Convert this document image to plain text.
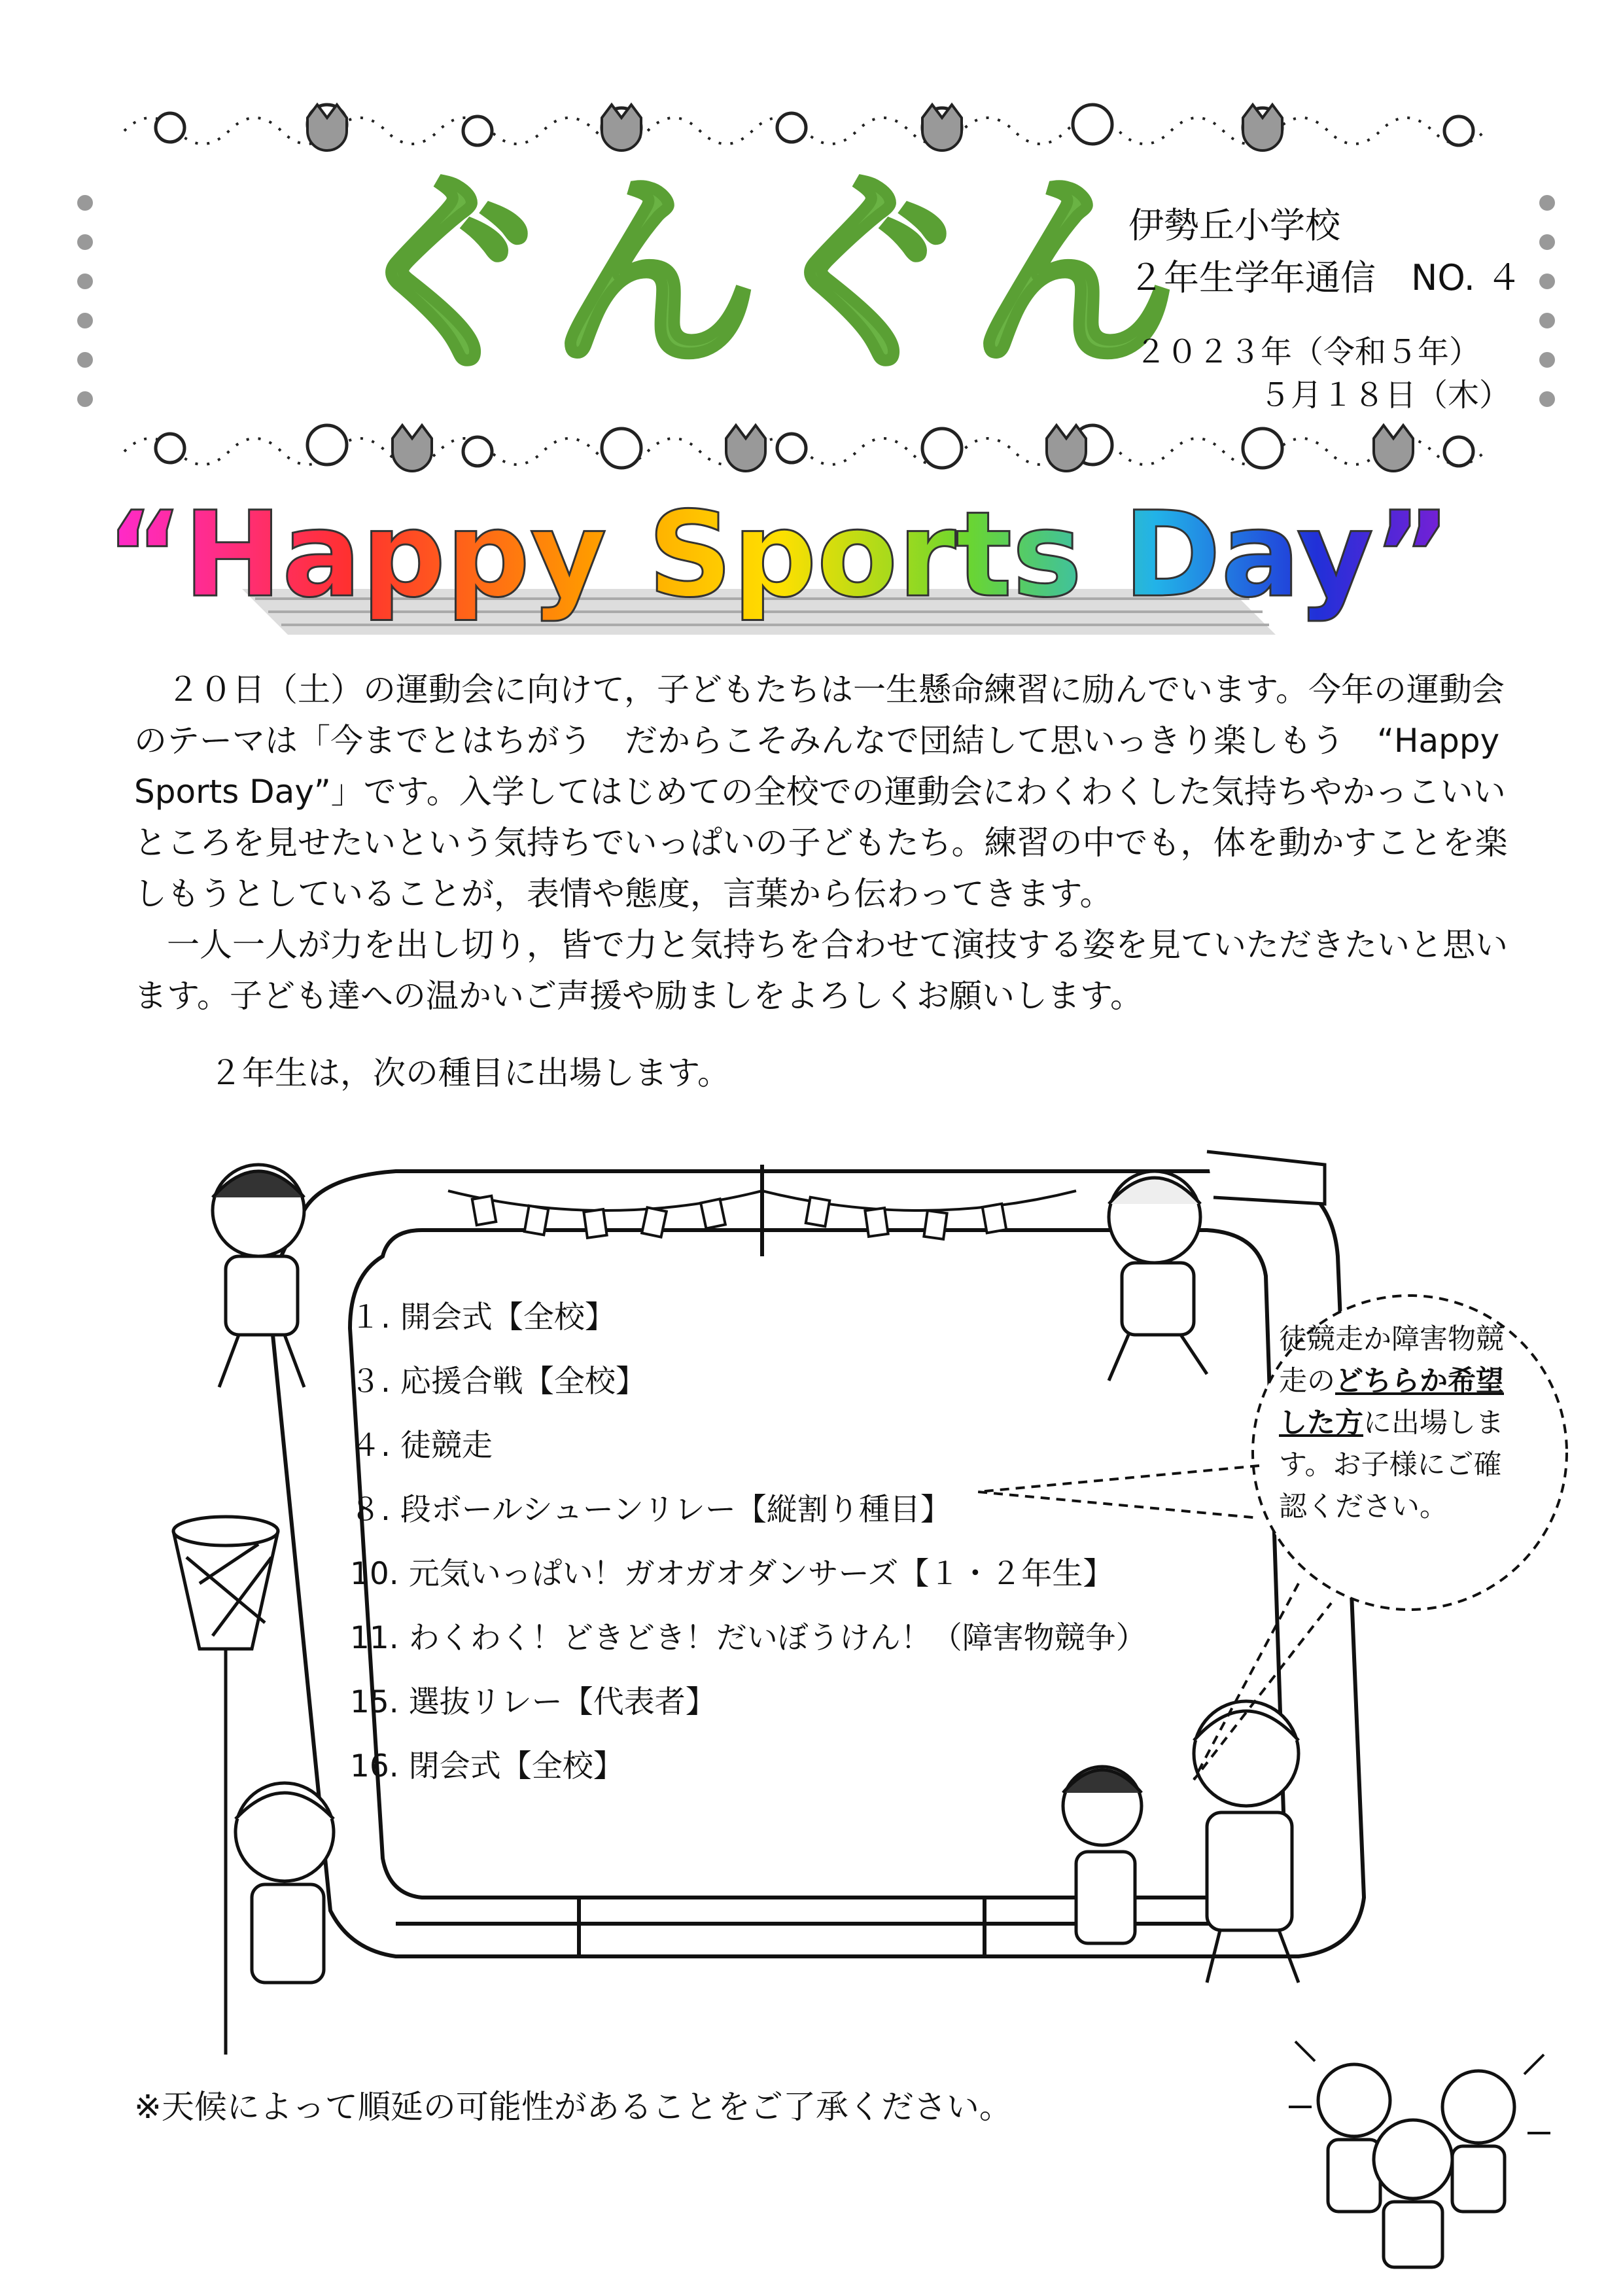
ぐんぐん
伊勢丘小学校
２年生学年通信　NO. ４
２０２３年（令和５年）
５月１８日（木）
“Happy Sports Day”

２０日（土）の運動会に向けて，子どもたちは一生懸命練習に励んでいます。今年の運動会のテーマは「今までとはちがう　だからこそみんなで団結して思いっきり楽しもう　“Happy Sports Day”」です。入学してはじめての全校での運動会にわくわくした気持ちやかっこいいところを見せたいという気持ちでいっぱいの子どもたち。練習の中でも，体を動かすことを楽しもうとしていることが，表情や態度，言葉から伝わってきます。

一人一人が力を出し切り，皆で力と気持ちを合わせて演技する姿を見ていただきたいと思います。子ども達への温かいご声援や励ましをよろしくお願いします。

２年生は，次の種目に出場します。
１. 開会式【全校】
３. 応援合戦【全校】
４. 徒競走
８. 段ボールシューンリレー【縦割り種目】
10. 元気いっぱい！ガオガオダンサーズ【１・２年生】
11. わくわく！どきどき！だいぼうけん！（障害物競争）
15. 選抜リレー【代表者】
16. 閉会式【全校】
徒競走か障害物競
走のどちらか希望
した方に出場しま
す。お子様にご確
認ください。
※天候によって順延の可能性があることをご了承ください。
